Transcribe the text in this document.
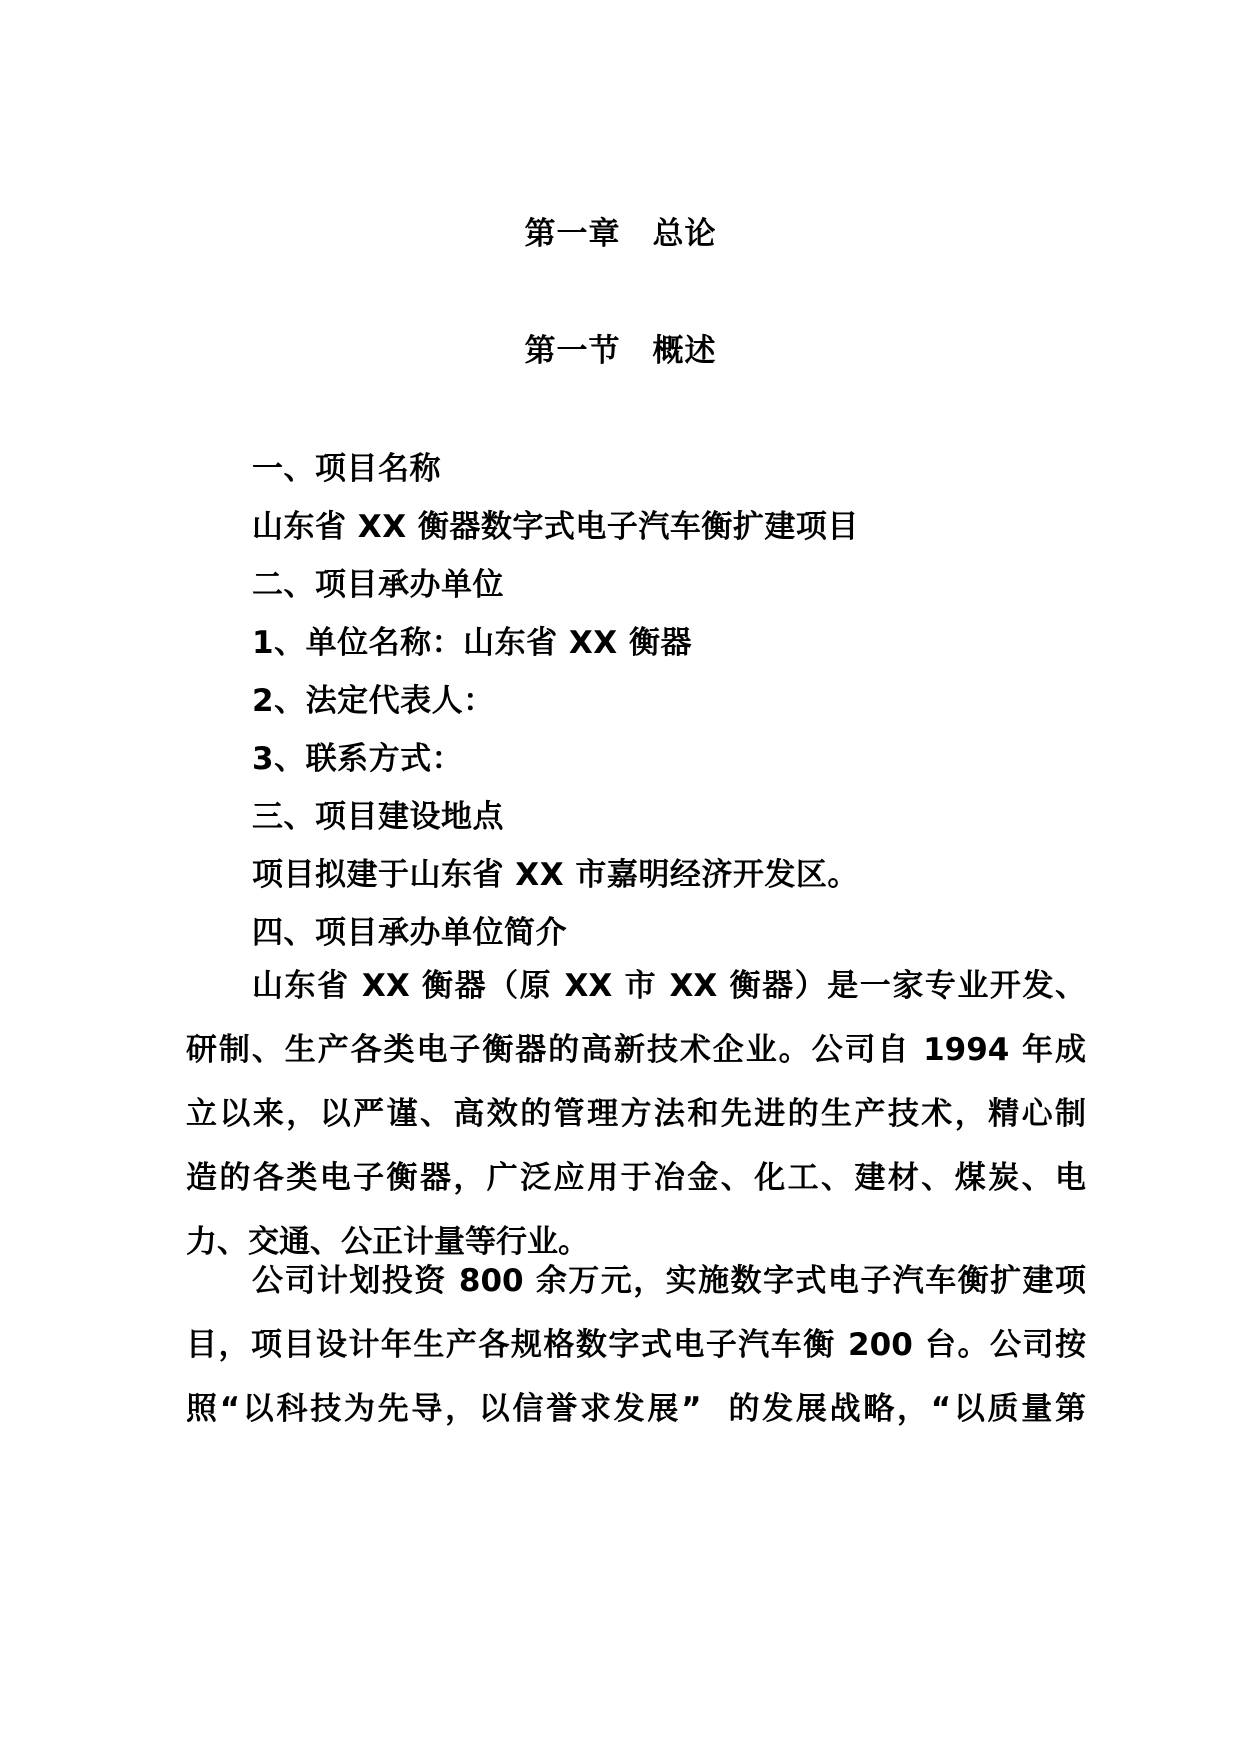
第一章　总论
第一节　概述
一、项目名称
山东省 XX 衡器数字式电子汽车衡扩建项目
二、项目承办单位
1、单位名称：山东省 XX 衡器
2、法定代表人：
3、联系方式：
三、项目建设地点
项目拟建于山东省 XX 市嘉明经济开发区。
四、项目承办单位简介
山东省 XX 衡器（原 XX 市 XX 衡器）是一家专业开发、
研制、生产各类电子衡器的高新技术企业。公司自 1994 年成
立以来，以严谨、高效的管理方法和先进的生产技术，精心制
造的各类电子衡器，广泛应用于冶金、化工、建材、煤炭、电
力、交通、公正计量等行业。
公司计划投资 800 余万元，实施数字式电子汽车衡扩建项
目，项目设计年生产各规格数字式电子汽车衡 200 台。公司按
照“以科技为先导，以信誉求发展”  的发展战略，“以质量第
